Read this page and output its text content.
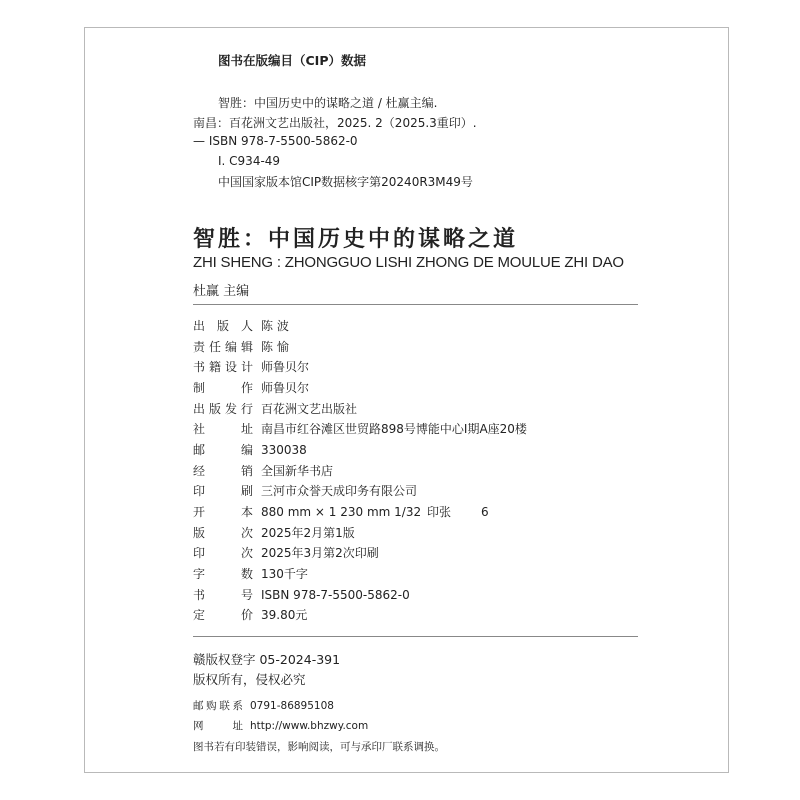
图书在版编目（CIP）数据
智胜：中国历史中的谋略之道 / 杜赢主编.
南昌：百花洲文艺出版社，2025. 2（2025.3重印）.
— ISBN 978-7-5500-5862-0
Ⅰ. C934-49
中国国家版本馆CIP数据核字第20240R3M49号
智胜：中国历史中的谋略之道
ZHI SHENG : ZHONGGUO LISHI ZHONG DE MOULUE ZHI DAO
杜赢 主编
出版人 陈 波
责任编辑 陈 愉
书籍设计 师鲁贝尔
制作 师鲁贝尔
出版发行 百花洲文艺出版社
社址 南昌市红谷滩区世贸路898号博能中心Ⅰ期A座20楼
邮编 330038
经销 全国新华书店
印刷 三河市众誉天成印务有限公司
开本 880 mm × 1 230 mm 1/32 印张 6
版次 2025年2月第1版
印次 2025年3月第2次印刷
字数 130千字
书号 ISBN 978-7-5500-5862-0
定价 39.80元
赣版权登字 05-2024-391
版权所有，侵权必究
邮购联系 0791-86895108
网址 http://www.bhzwy.com
图书若有印装错误，影响阅读，可与承印厂联系调换。
